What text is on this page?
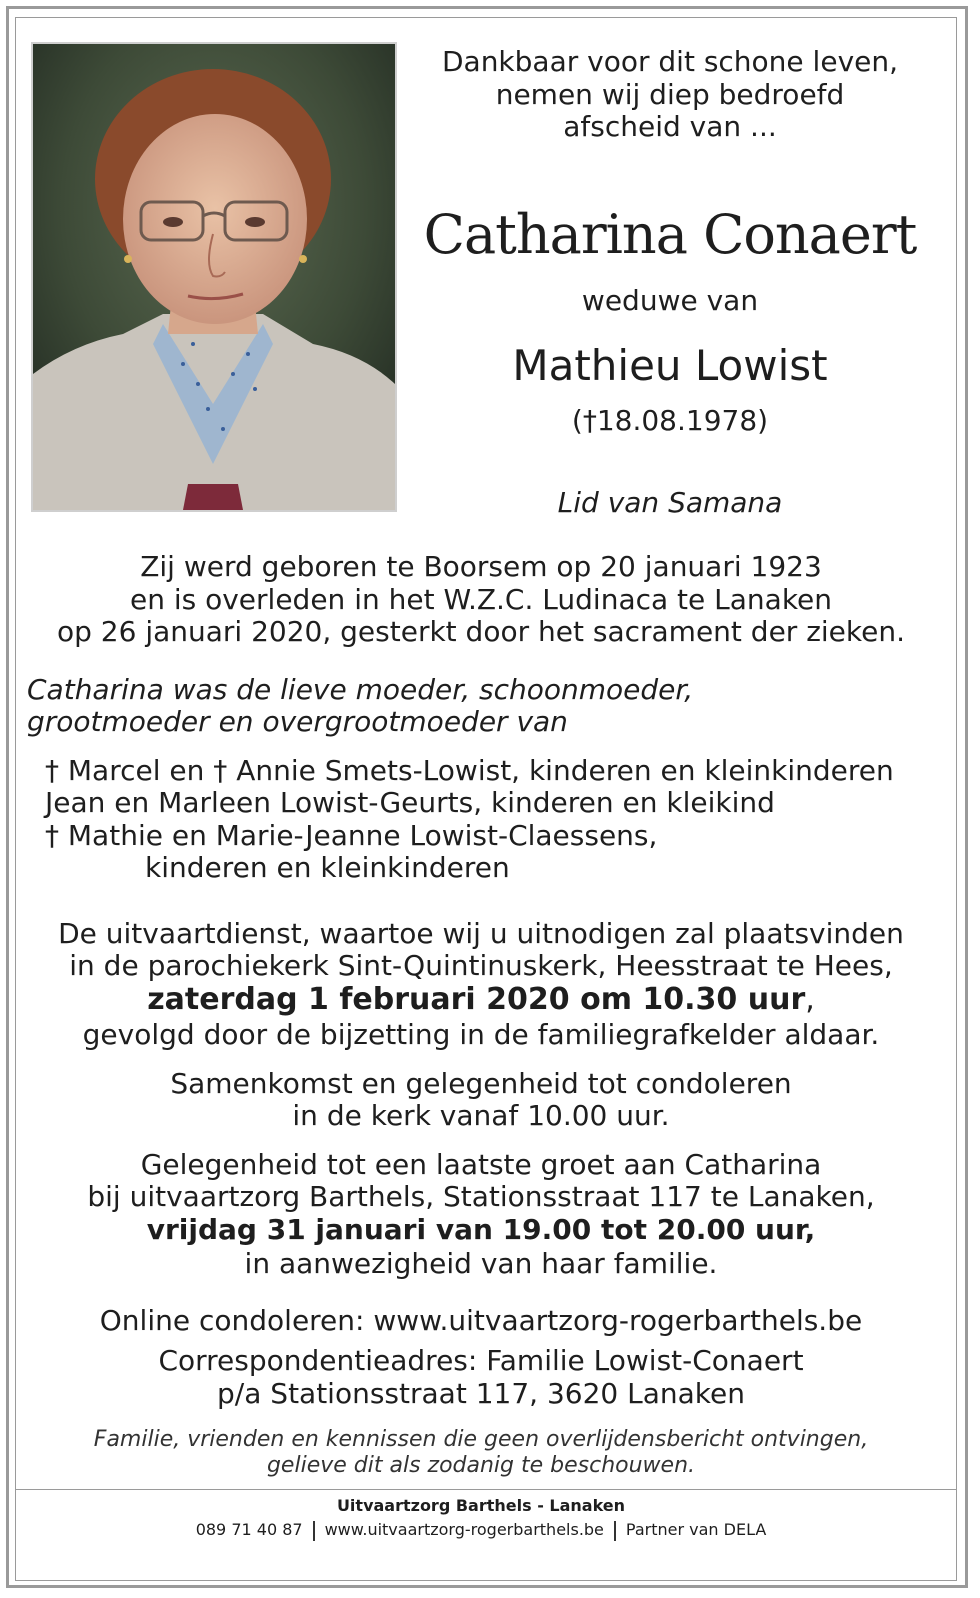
Dankbaar voor dit schone leven,

nemen wij diep bedroefd

afscheid van ...

Catharina Conaert

weduwe van

Mathieu Lowist

(†18.08.1978)

Lid van Samana

Zij werd geboren te Boorsem op 20 januari 1923

en is overleden in het W.Z.C. Ludinaca te Lanaken

op 26 januari 2020, gesterkt door het sacrament der zieken.

Catharina was de lieve moeder, schoonmoeder,

grootmoeder en overgrootmoeder van

† Marcel en † Annie Smets-Lowist, kinderen en kleinkinderen

Jean en Marleen Lowist-Geurts, kinderen en kleikind

† Mathie en Marie-Jeanne Lowist-Claessens,

kinderen en kleinkinderen

De uitvaartdienst, waartoe wij u uitnodigen zal plaatsvinden

in de parochiekerk Sint-Quintinuskerk, Heesstraat te Hees,

zaterdag 1 februari 2020 om 10.30 uur,

gevolgd door de bijzetting in de familiegrafkelder aldaar.

Samenkomst en gelegenheid tot condoleren

in de kerk vanaf 10.00 uur.

Gelegenheid tot een laatste groet aan Catharina

bij uitvaartzorg Barthels, Stationsstraat 117 te Lanaken,

vrijdag 31 januari van 19.00 tot 20.00 uur,

in aanwezigheid van haar familie.

Online condoleren: www.uitvaartzorg-rogerbarthels.be

Correspondentieadres: Familie Lowist-Conaert

p/a Stationsstraat 117, 3620 Lanaken

Familie, vrienden en kennissen die geen overlijdensbericht ontvingen,

gelieve dit als zodanig te beschouwen.

Uitvaartzorg Barthels - Lanaken

089 71 40 87 www.uitvaartzorg-rogerbarthels.be Partner van DELA
